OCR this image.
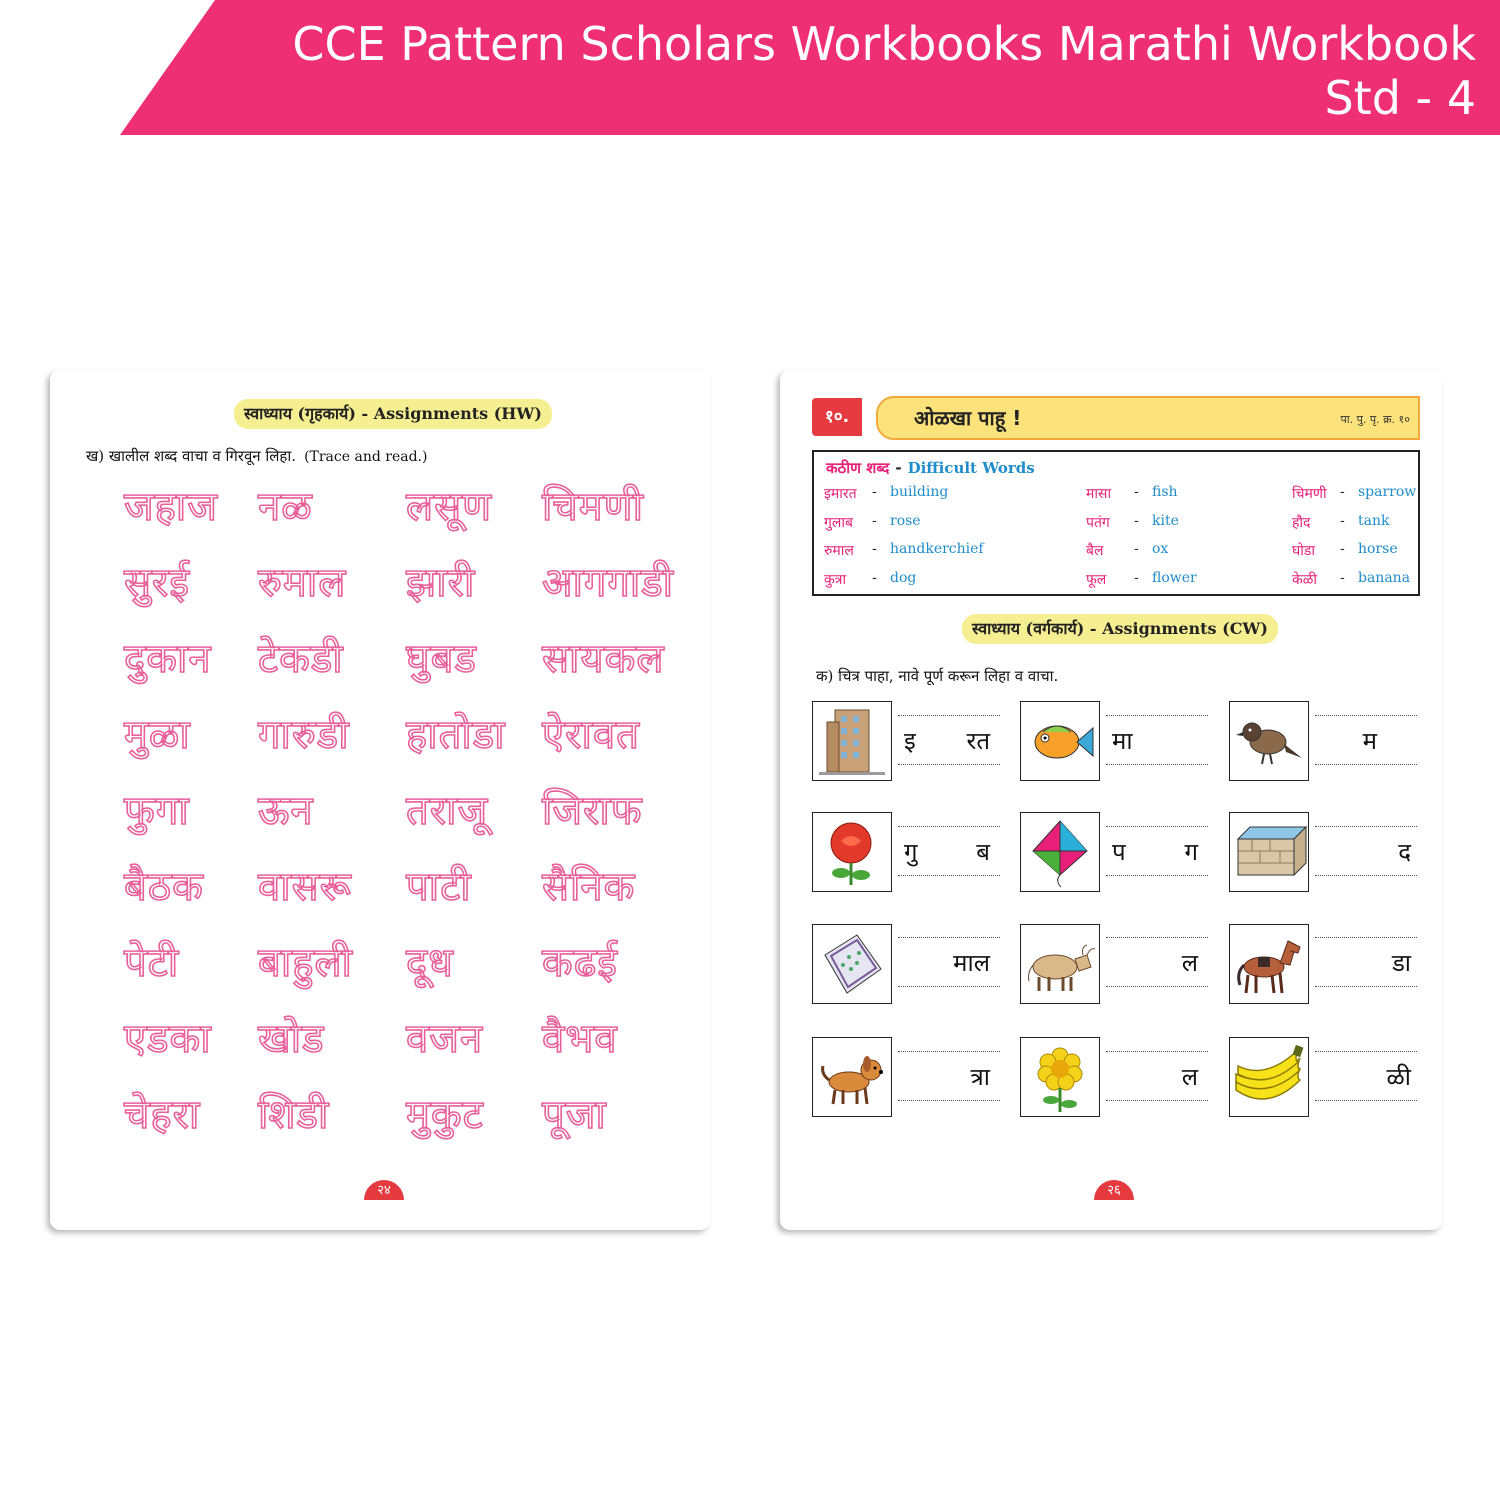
CCE Pattern Scholars Workbooks Marathi Workbook
Std - 4
स्वाध्याय (गृहकार्य) - Assignments (HW)
ख) खालील शब्द वाचा व गिरवून लिहा. (Trace and read.)
जहाज नळ लसूण चिमणी
सुरई रुमाल झारी आगगाडी
दुकान टेकडी घुबड सायकल
मुळा गारुडी हातोडा ऐरावत
फुगा ऊन तराजू जिराफ
बैठक वासरू पाटी सैनिक
पेटी बाहुली दूध कढई
एडका खोड वजन वैभव
चेहरा शिडी मुकुट पूजा
२४
१०.	ओळखा पाहू !	पा. पु. पृ. क्र. १०
कठीण शब्द - Difficult Words
इमारत - building
गुलाब - rose
रुमाल - handkerchief
कुत्रा - dog
मासा - fish
पतंग - kite
बैल - ox
फूल - flower
चिमणी - sparrow
हौद - tank
घोडा - horse
केळी - banana
स्वाध्याय (वर्गकार्य) - Assignments (CW)
क) चित्र पाहा, नावे पूर्ण करून लिहा व वाचा.
इ रत	मा	म
गु ब	प ग	द
माल	ल	डा
त्रा	ल	ळी
२६
